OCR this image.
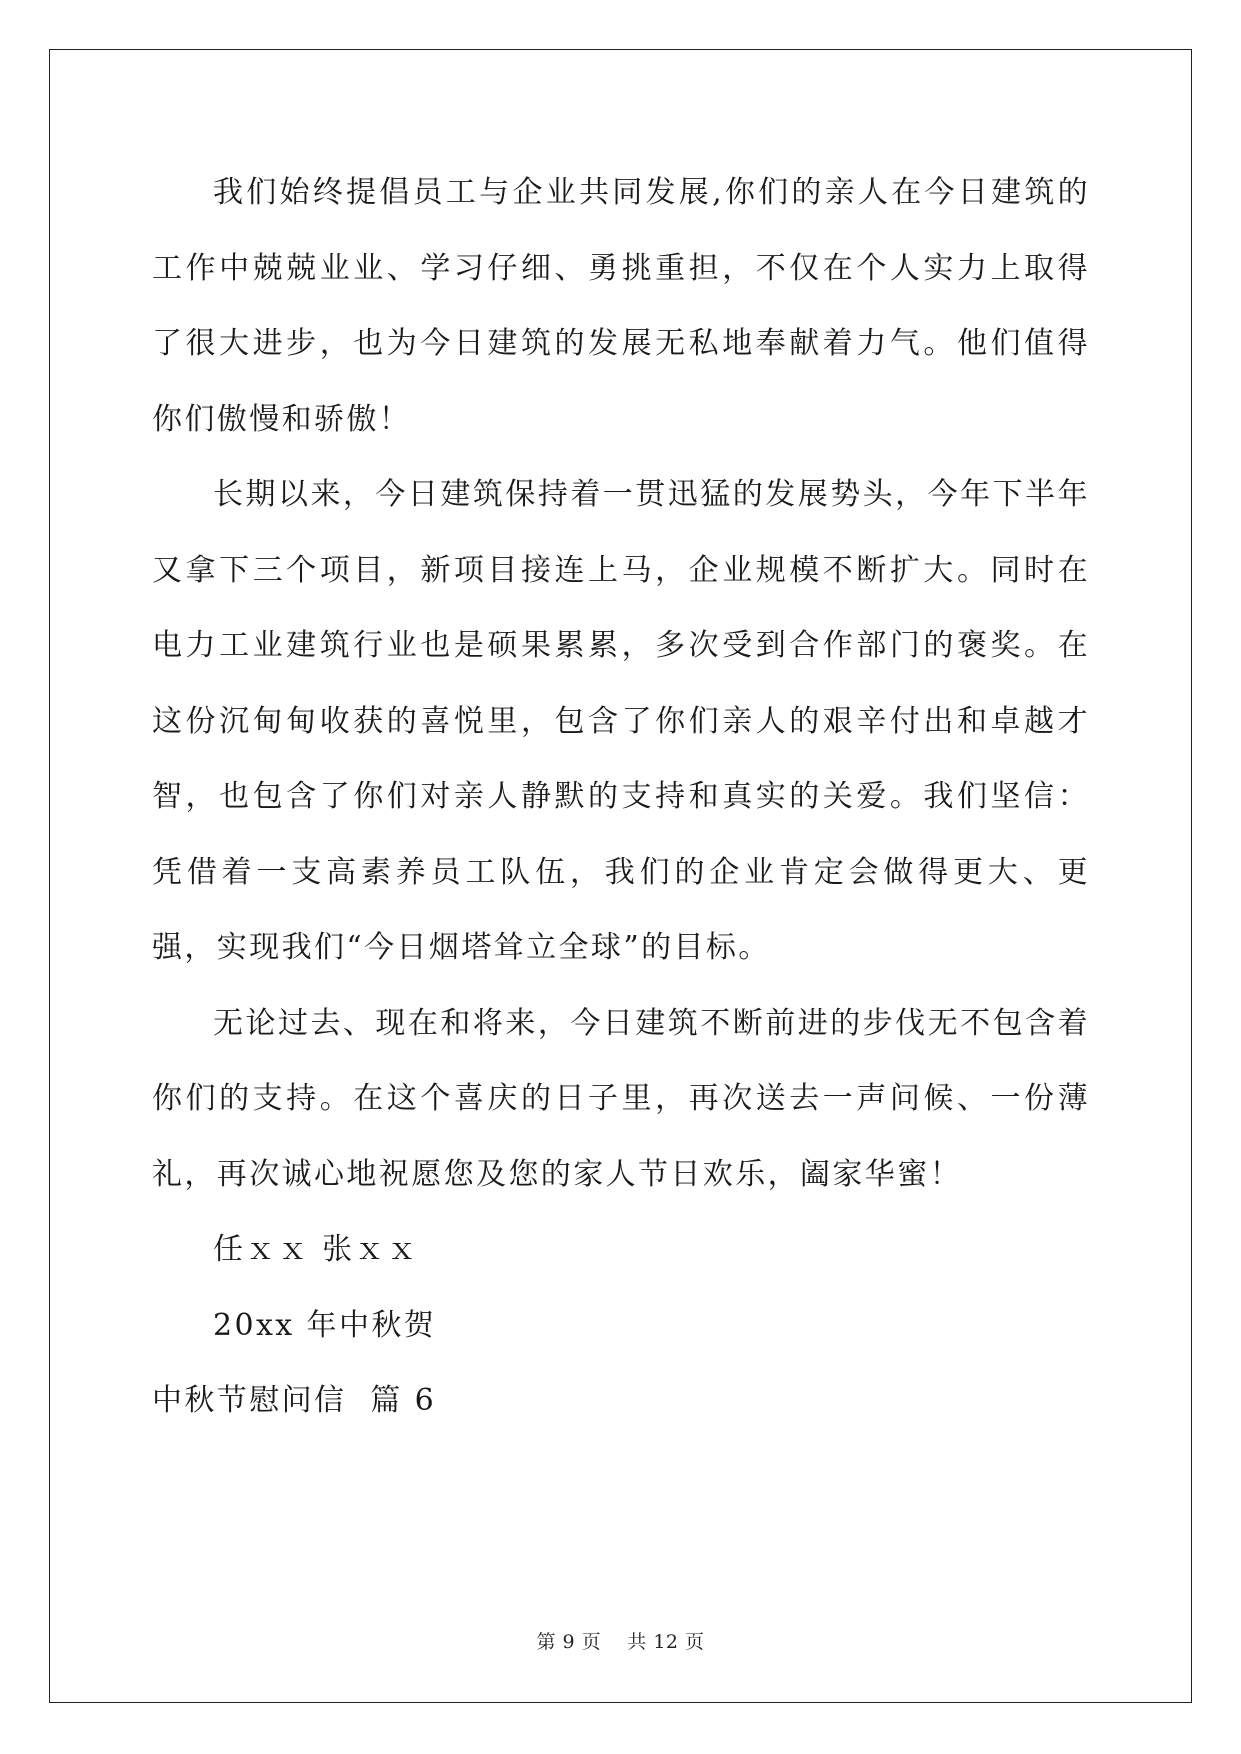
我们始终提倡员工与企业共同发展,你们的亲人在今日建筑的工作中兢兢业业、学习仔细、勇挑重担，不仅在个人实力上取得了很大进步，也为今日建筑的发展无私地奉献着力气。他们值得你们傲慢和骄傲！

长期以来，今日建筑保持着一贯迅猛的发展势头，今年下半年又拿下三个项目，新项目接连上马，企业规模不断扩大。同时在电力工业建筑行业也是硕果累累，多次受到合作部门的褒奖。在这份沉甸甸收获的喜悦里，包含了你们亲人的艰辛付出和卓越才智，也包含了你们对亲人静默的支持和真实的关爱。我们坚信：凭借着一支高素养员工队伍，我们的企业肯定会做得更大、更强，实现我们“今日烟塔耸立全球”的目标。

无论过去、现在和将来，今日建筑不断前进的步伐无不包含着你们的支持。在这个喜庆的日子里，再次送去一声问候、一份薄礼，再次诚心地祝愿您及您的家人节日欢乐，阖家华蜜！

任ｘｘ 张ｘｘ

20xx 年中秋贺

中秋节慰问信  篇 6

第 9 页    共 12 页
